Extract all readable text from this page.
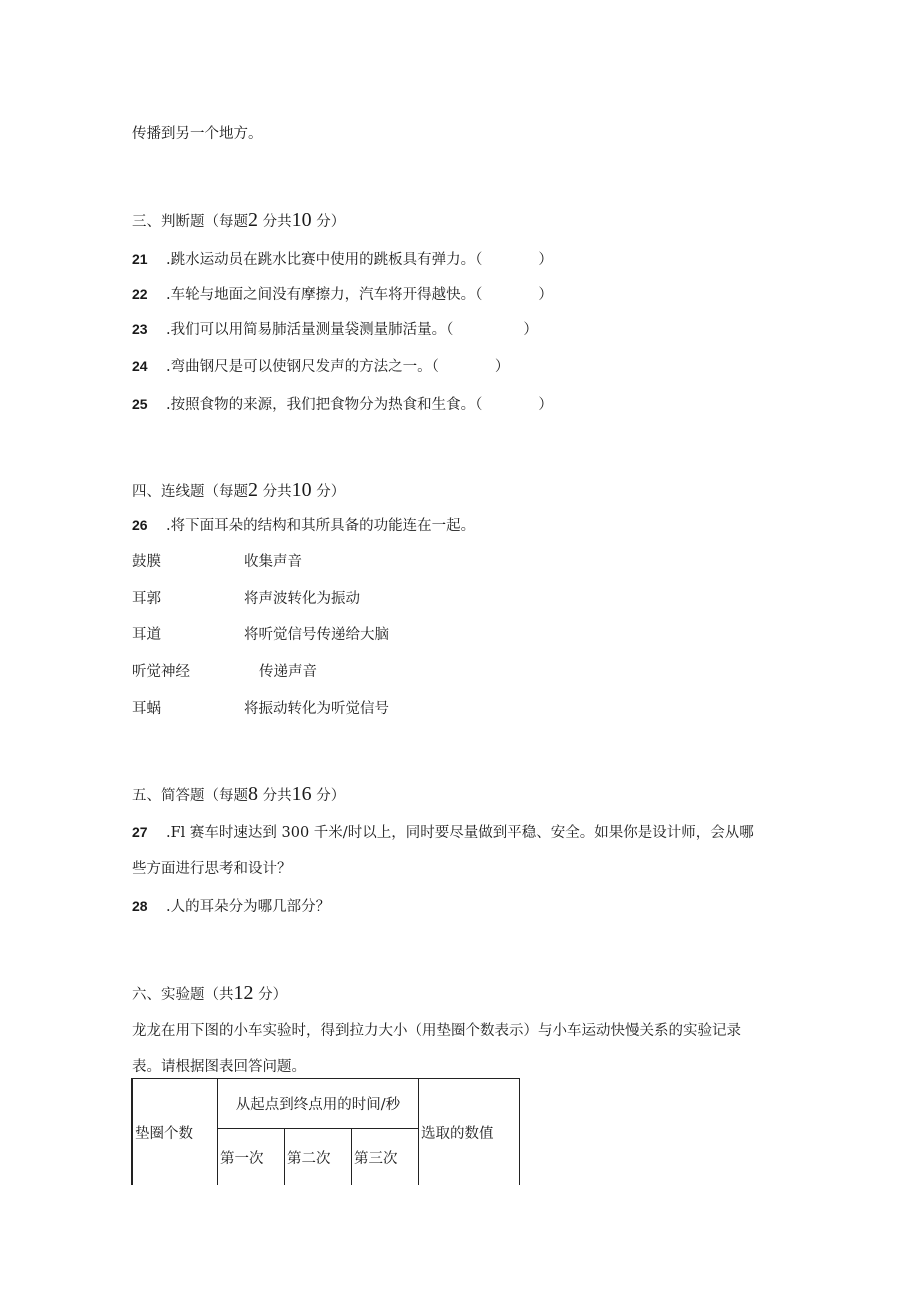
传播到另一个地方。
三、判断题（每题2 分共10 分）
21 .跳水运动员在跳水比赛中使用的跳板具有弹力。（	）
22 .车轮与地面之间没有摩擦力，汽车将开得越快。（	）
23 .我们可以用简易肺活量测量袋测量肺活量。（	）
24 .弯曲钢尺是可以使钢尺发声的方法之一。（	）
25 .按照食物的来源，我们把食物分为热食和生食。（	）
四、连线题（每题2 分共10 分）
26 .将下面耳朵的结构和其所具备的功能连在一起。
鼓膜	收集声音
耳郭	将声波转化为振动
耳道	将听觉信号传递给大脑
听觉神经	传递声音
耳蜗	将振动转化为听觉信号
五、简答题（每题8 分共16 分）
27 .Fl 赛车时速达到 300 千米/时以上，同时要尽量做到平稳、安全。如果你是设计师，会从哪
些方面进行思考和设计？
28 .人的耳朵分为哪几部分？
六、实验题（共12 分）
龙龙在用下图的小车实验时，得到拉力大小（用垫圈个数表示）与小车运动快慢关系的实验记录
表。请根据图表回答问题。
垫圈个数	从起点到终点用的时间/秒			选取的数值
	第一次	第二次	第三次	
